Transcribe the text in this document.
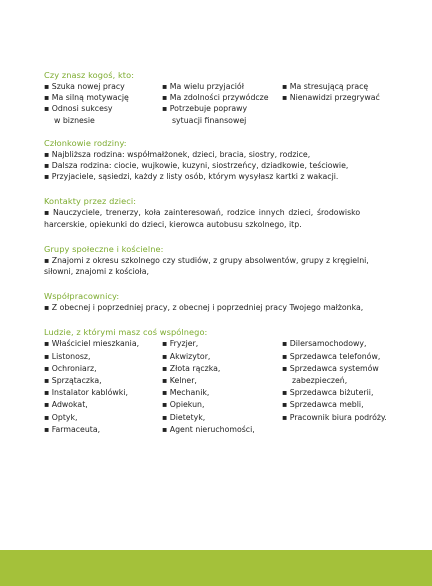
Czy znasz kogoś, kto:
▪ Szuka nowej pracy
▪ Ma silną motywację
▪ Odnosi sukcesy
w biznesie
▪ Ma wielu przyjaciół
▪ Ma zdolności przywódcze
▪ Potrzebuje poprawy
sytuacji finansowej
▪ Ma stresującą pracę
▪ Nienawidzi przegrywać
Członkowie rodziny:
▪ Najbliższa rodzina: współmałżonek, dzieci, bracia, siostry, rodzice,
▪ Dalsza rodzina: ciocie, wujkowie, kuzyni, siostrzeńcy, dziadkowie, teściowie,
▪ Przyjaciele, sąsiedzi, każdy z listy osób, którym wysyłasz kartki z wakacji.
Kontakty przez dzieci:
▪ Nauczyciele, trenerzy, koła zainteresowań, rodzice innych dzieci, środowisko
harcerskie, opiekunki do dzieci, kierowca autobusu szkolnego, itp.
Grupy społeczne i kościelne:
▪ Znajomi z okresu szkolnego czy studiów, z grupy absolwentów, grupy z kręgielni,
siłowni, znajomi z kościoła,
Współpracownicy:
▪ Z obecnej i poprzedniej pracy, z obecnej i poprzedniej pracy Twojego małżonka,
Ludzie, z którymi masz coś wspólnego:
▪ Właściciel mieszkania,
▪ Listonosz,
▪ Ochroniarz,
▪ Sprzątaczka,
▪ Instalator kablówki,
▪ Adwokat,
▪ Optyk,
▪ Farmaceuta,
▪ Fryzjer,
▪ Akwizytor,
▪ Złota rączka,
▪ Kelner,
▪ Mechanik,
▪ Opiekun,
▪ Dietetyk,
▪ Agent nieruchomości,
▪ Dilersamochodowy,
▪ Sprzedawca telefonów,
▪ Sprzedawca systemów
zabezpieczeń,
▪ Sprzedawca biżuterii,
▪ Sprzedawca mebli,
▪ Pracownik biura podróży.
